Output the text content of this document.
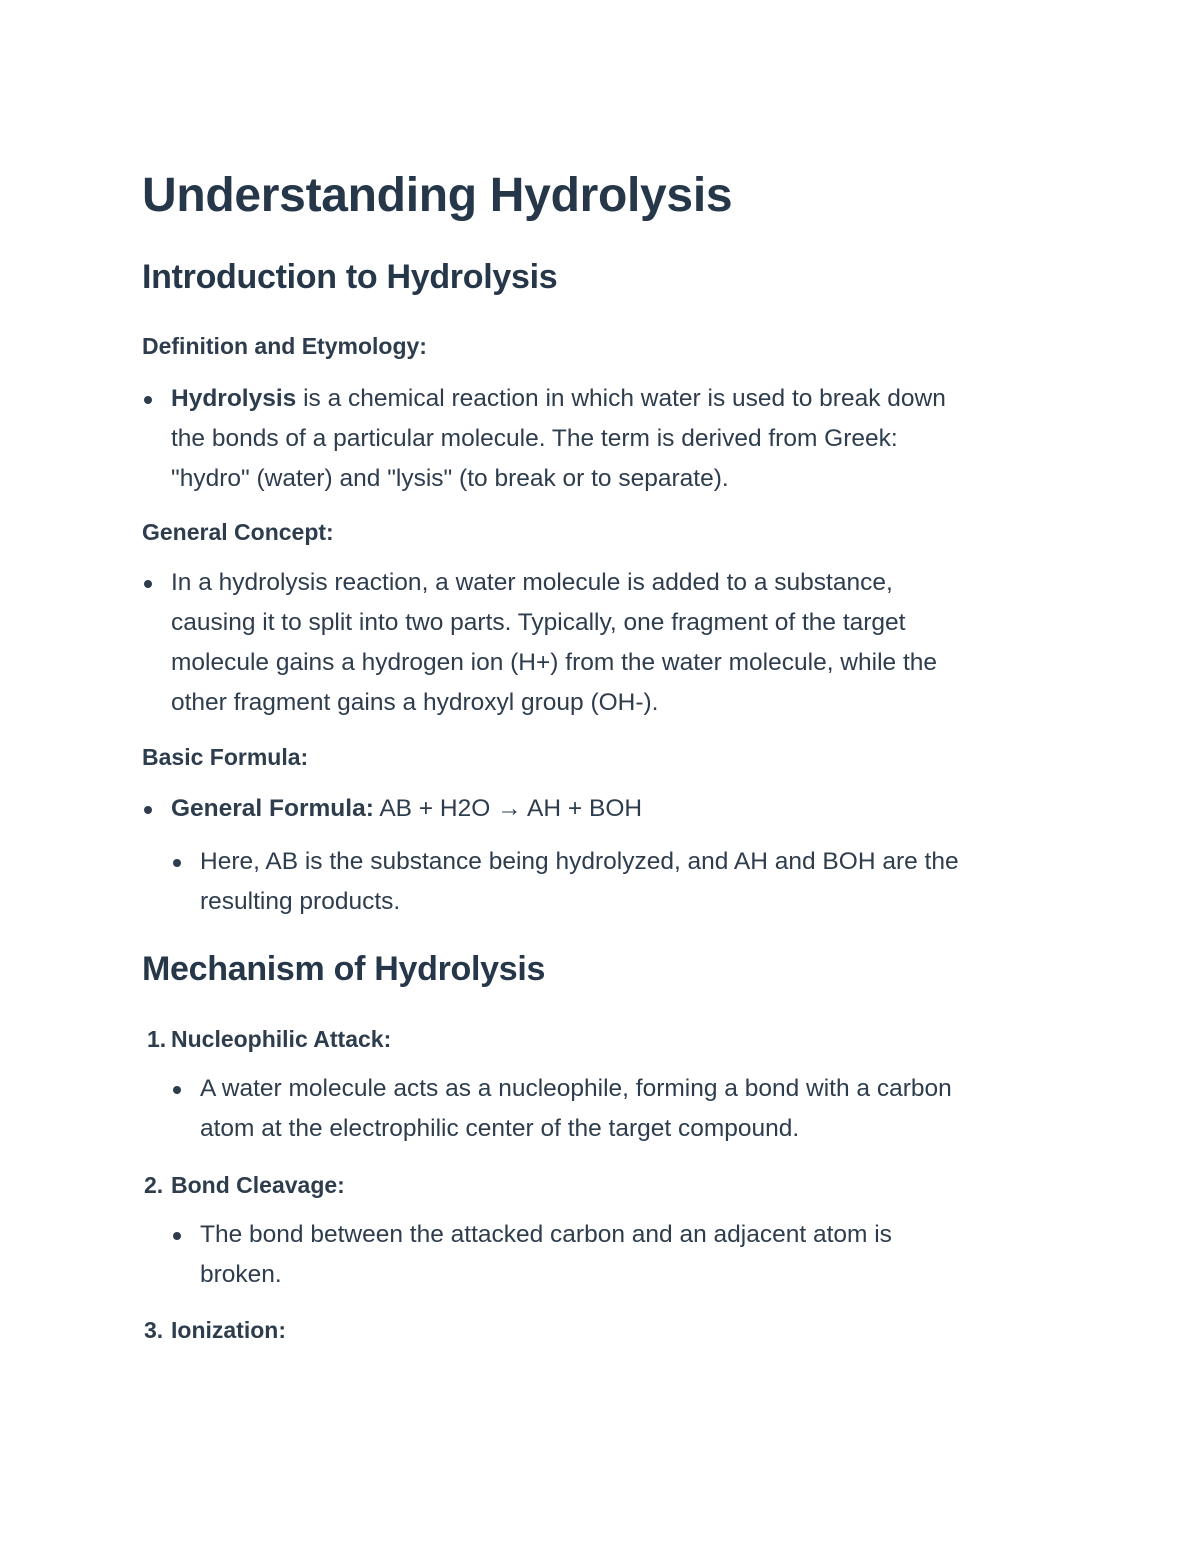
Understanding Hydrolysis
Introduction to Hydrolysis

Definition and Etymology:

Hydrolysis is a chemical reaction in which water is used to break down
the bonds of a particular molecule. The term is derived from Greek:
"hydro" (water) and "lysis" (to break or to separate).

General Concept:

In a hydrolysis reaction, a water molecule is added to a substance,
causing it to split into two parts. Typically, one fragment of the target
molecule gains a hydrogen ion (H+) from the water molecule, while the
other fragment gains a hydroxyl group (OH-).

Basic Formula:

General Formula: AB + H2O → AH + BOH

Here, AB is the substance being hydrolyzed, and AH and BOH are the
resulting products.

Mechanism of Hydrolysis
1. Nucleophilic Attack:

A water molecule acts as a nucleophile, forming a bond with a carbon
atom at the electrophilic center of the target compound.

2. Bond Cleavage:

The bond between the attacked carbon and an adjacent atom is
broken.

3. Ionization:
